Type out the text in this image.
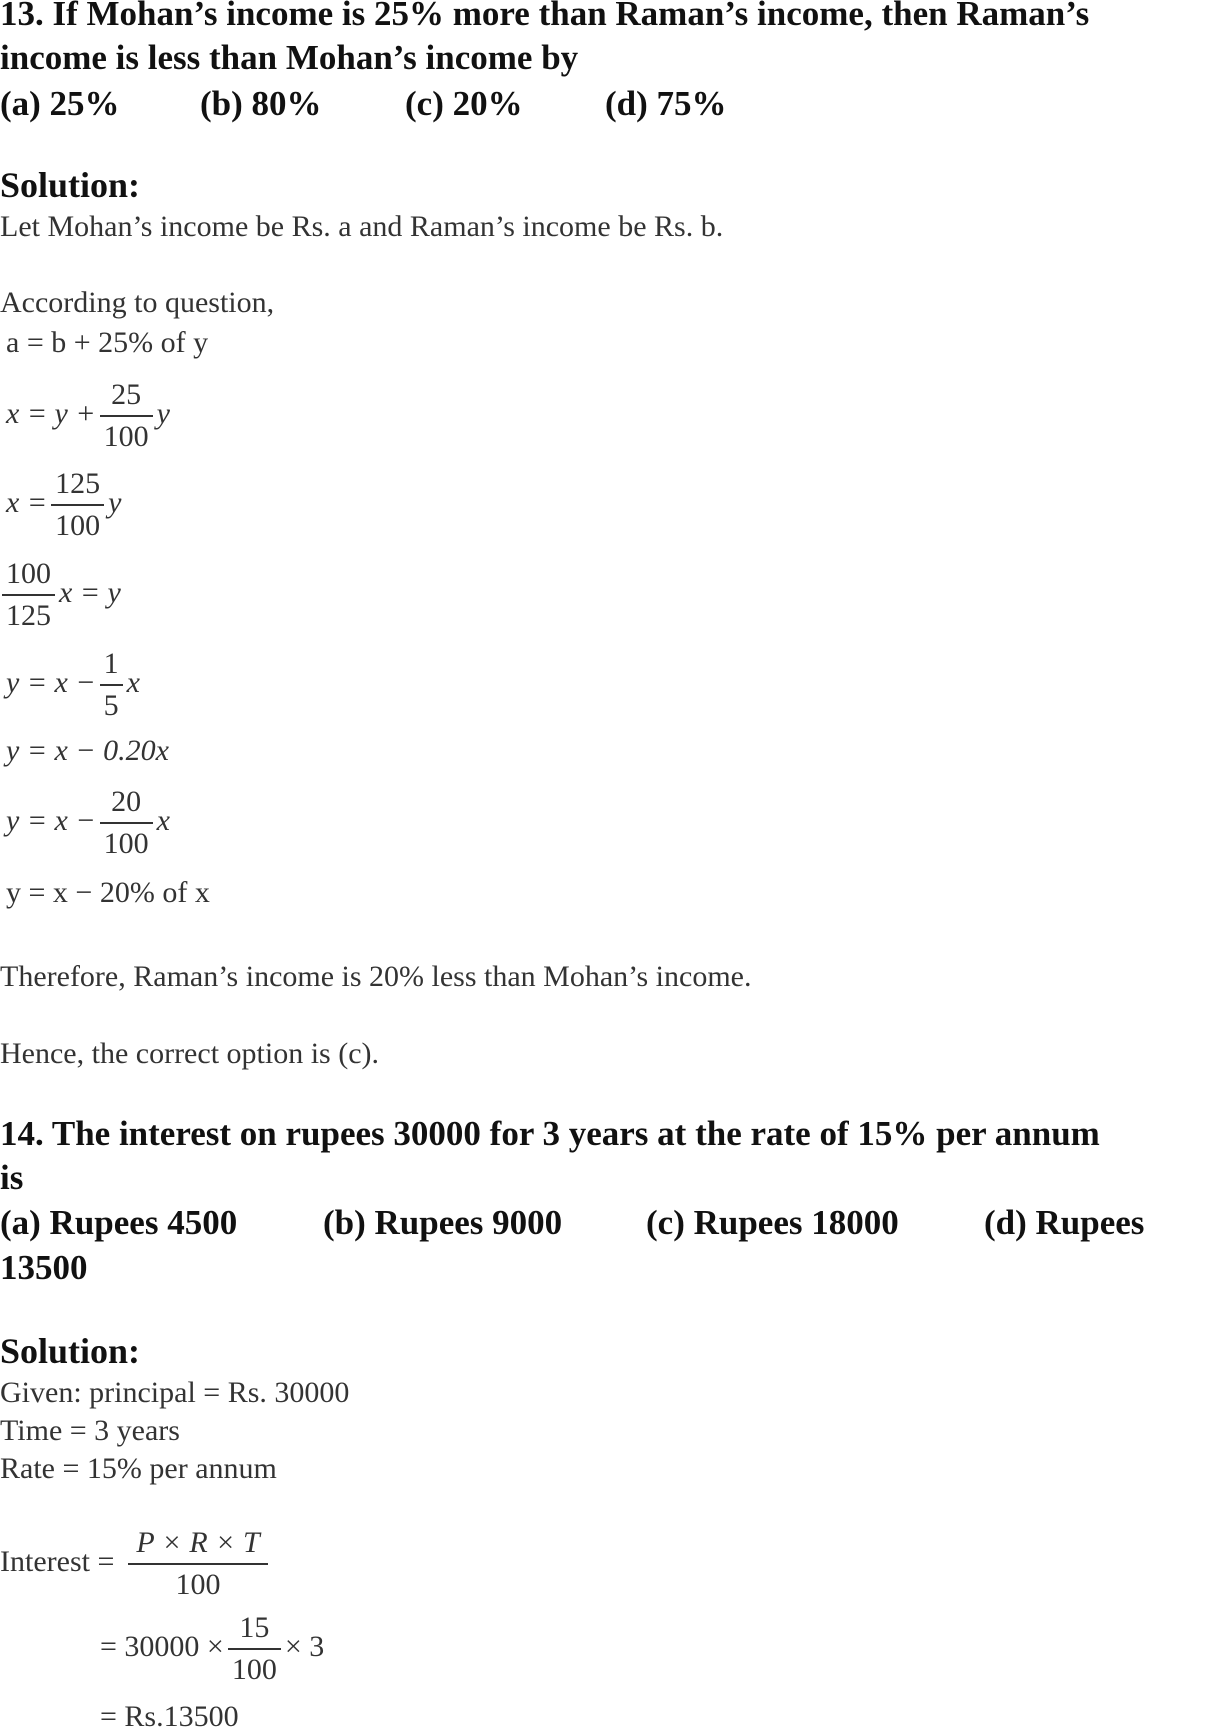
13. If Mohan’s income is 25% more than Raman’s income, then Raman’s
income is less than Mohan’s income by
(a) 25% (b) 80% (c) 20% (d) 75%
Solution:
Let Mohan’s income be Rs. a and Raman’s income be Rs. b.
According to question,
a = b + 25% of y
$x = y + \frac{25}{100}$ y
$x = \frac{125}{100}$ y
$\frac{100}{125}$ x = y
$y = x - \frac{1}{5}$ x
y = x − 0.20x
$y = x - \frac{20}{100}$ x
y = x − 20% of x
Therefore, Raman’s income is 20% less than Mohan’s income.
Hence, the correct option is (c).
14. The interest on rupees 30000 for 3 years at the rate of 15% per annum
is
(a) Rupees 4500 (b) Rupees 9000 (c) Rupees 18000 (d) Rupees
13500
Solution:
Given: principal = Rs. 30000
Time = 3 years
Rate = 15% per annum
Interest = $\frac{P \times R \times T}{100}$
= $30000 \times \frac{15}{100} \times 3$
= Rs.13500
